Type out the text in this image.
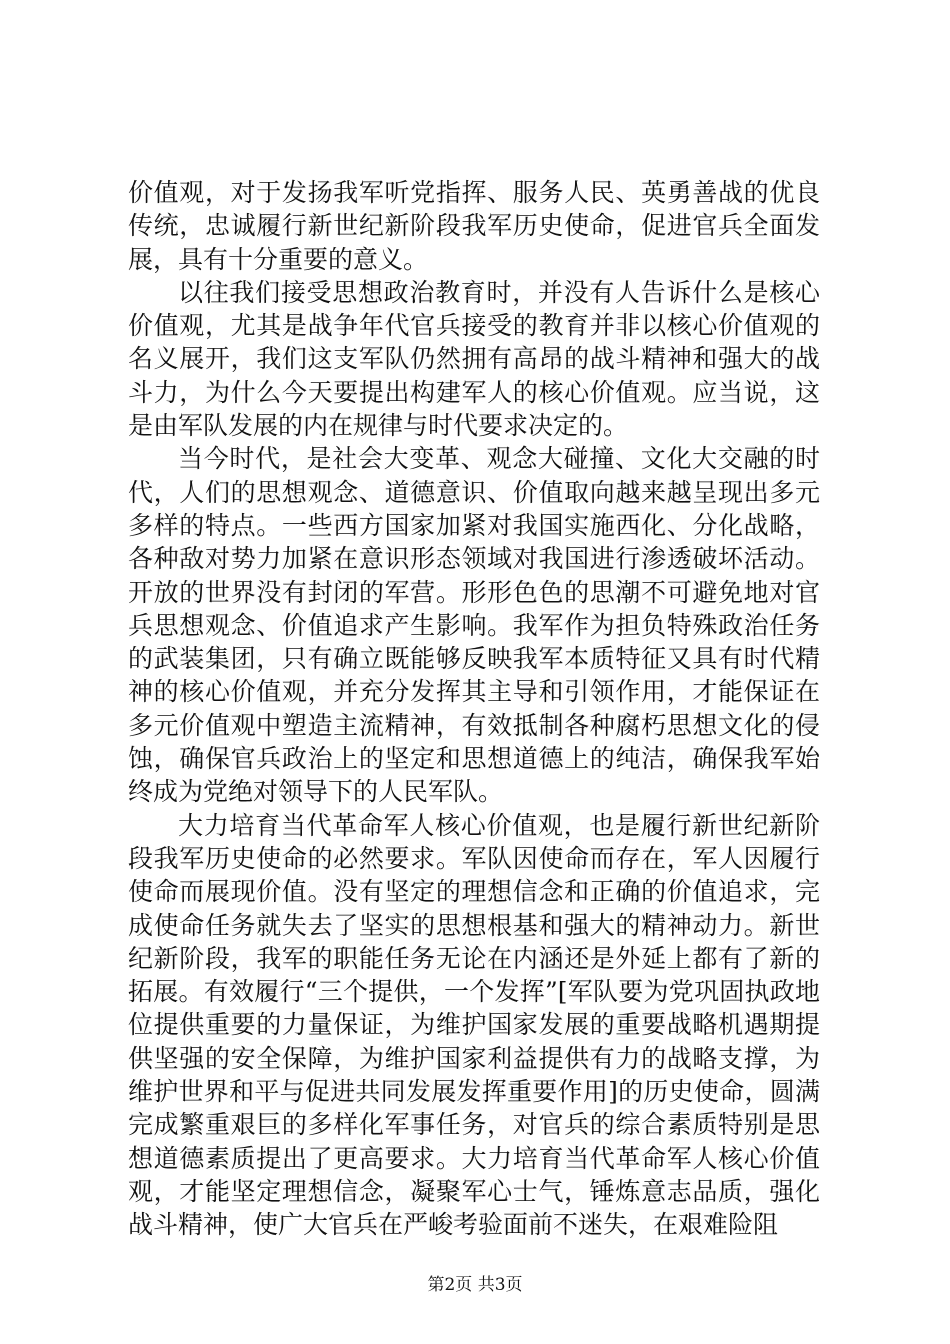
价值观，对于发扬我军听党指挥、服务人民、英勇善战的优良传统，忠诚履行新世纪新阶段我军历史使命，促进官兵全面发展，具有十分重要的意义。

以往我们接受思想政治教育时，并没有人告诉什么是核心价值观，尤其是战争年代官兵接受的教育并非以核心价值观的名义展开，我们这支军队仍然拥有高昂的战斗精神和强大的战斗力，为什么今天要提出构建军人的核心价值观。应当说，这是由军队发展的内在规律与时代要求决定的。

当今时代，是社会大变革、观念大碰撞、文化大交融的时代，人们的思想观念、道德意识、价值取向越来越呈现出多元多样的特点。一些西方国家加紧对我国实施西化、分化战略，各种敌对势力加紧在意识形态领域对我国进行渗透破坏活动。开放的世界没有封闭的军营。形形色色的思潮不可避免地对官兵思想观念、价值追求产生影响。我军作为担负特殊政治任务的武装集团，只有确立既能够反映我军本质特征又具有时代精神的核心价值观，并充分发挥其主导和引领作用，才能保证在多元价值观中塑造主流精神，有效抵制各种腐朽思想文化的侵蚀，确保官兵政治上的坚定和思想道德上的纯洁，确保我军始终成为党绝对领导下的人民军队。

大力培育当代革命军人核心价值观，也是履行新世纪新阶段我军历史使命的必然要求。军队因使命而存在，军人因履行使命而展现价值。没有坚定的理想信念和正确的价值追求，完成使命任务就失去了坚实的思想根基和强大的精神动力。新世纪新阶段，我军的职能任务无论在内涵还是外延上都有了新的拓展。有效履行“三个提供，一个发挥”[军队要为党巩固执政地位提供重要的力量保证，为维护国家发展的重要战略机遇期提供坚强的安全保障，为维护国家利益提供有力的战略支撑，为维护世界和平与促进共同发展发挥重要作用]的历史使命，圆满完成繁重艰巨的多样化军事任务，对官兵的综合素质特别是思想道德素质提出了更高要求。大力培育当代革命军人核心价值观，才能坚定理想信念，凝聚军心士气，锤炼意志品质，强化战斗精神，使广大官兵在严峻考验面前不迷失，在艰难险阻

第2页 共3页
